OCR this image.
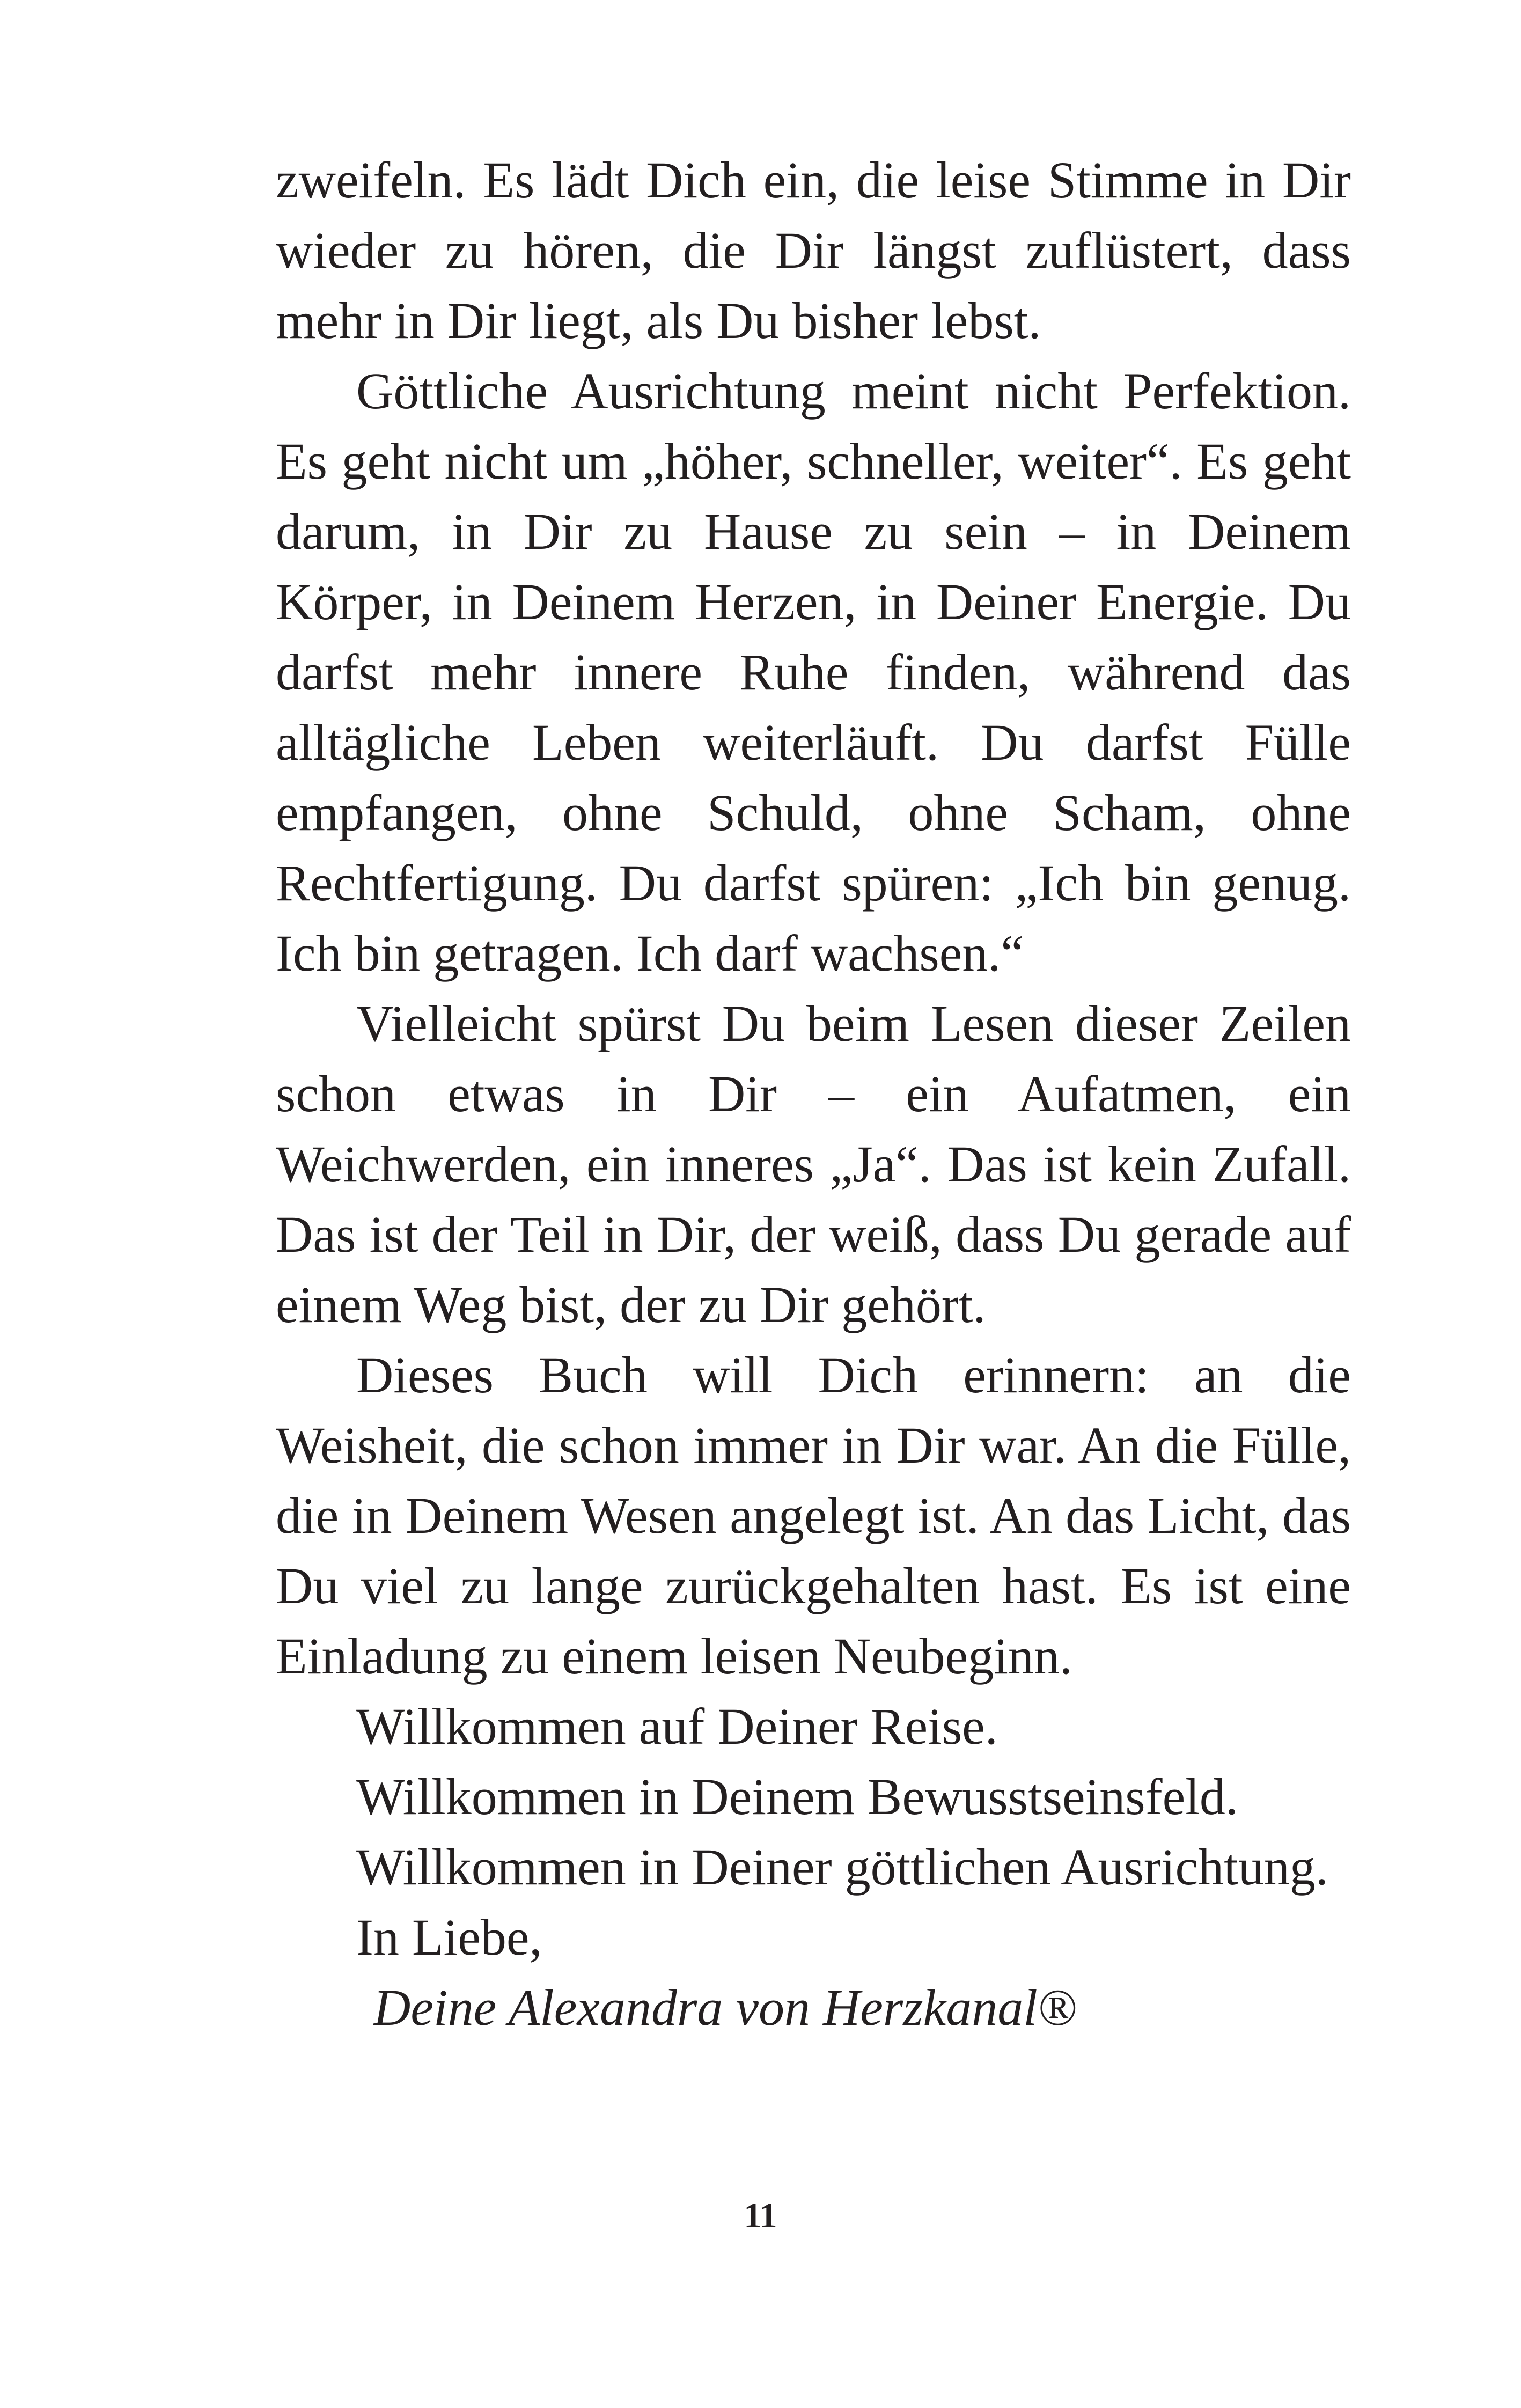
zweifeln. Es lädt Dich ein, die leise Stimme in Dir wieder zu hören, die Dir längst zuflüstert, dass mehr in Dir liegt, als Du bisher lebst.

Göttliche Ausrichtung meint nicht Perfektion. Es geht nicht um „höher, schneller, weiter“. Es geht darum, in Dir zu Hause zu sein – in Deinem Körper, in Deinem Herzen, in Deiner Energie. Du darfst mehr innere Ruhe finden, während das alltägliche Leben weiterläuft. Du darfst Fülle empfangen, ohne Schuld, ohne Scham, ohne Rechtfertigung. Du darfst spüren: „Ich bin genug. Ich bin getragen. Ich darf wachsen.“

Vielleicht spürst Du beim Lesen dieser Zeilen schon etwas in Dir – ein Aufatmen, ein Weichwerden, ein inneres „Ja“. Das ist kein Zufall. Das ist der Teil in Dir, der weiß, dass Du gerade auf einem Weg bist, der zu Dir gehört.

Dieses Buch will Dich erinnern: an die Weisheit, die schon immer in Dir war. An die Fülle, die in Deinem Wesen angelegt ist. An das Licht, das Du viel zu lange zurückgehalten hast. Es ist eine Einladung zu einem leisen Neubeginn.

Willkommen auf Deiner Reise.

Willkommen in Deinem Bewusstseinsfeld.

Willkommen in Deiner göttlichen Ausrichtung.

In Liebe,

Deine Alexandra von Herzkanal®

11
